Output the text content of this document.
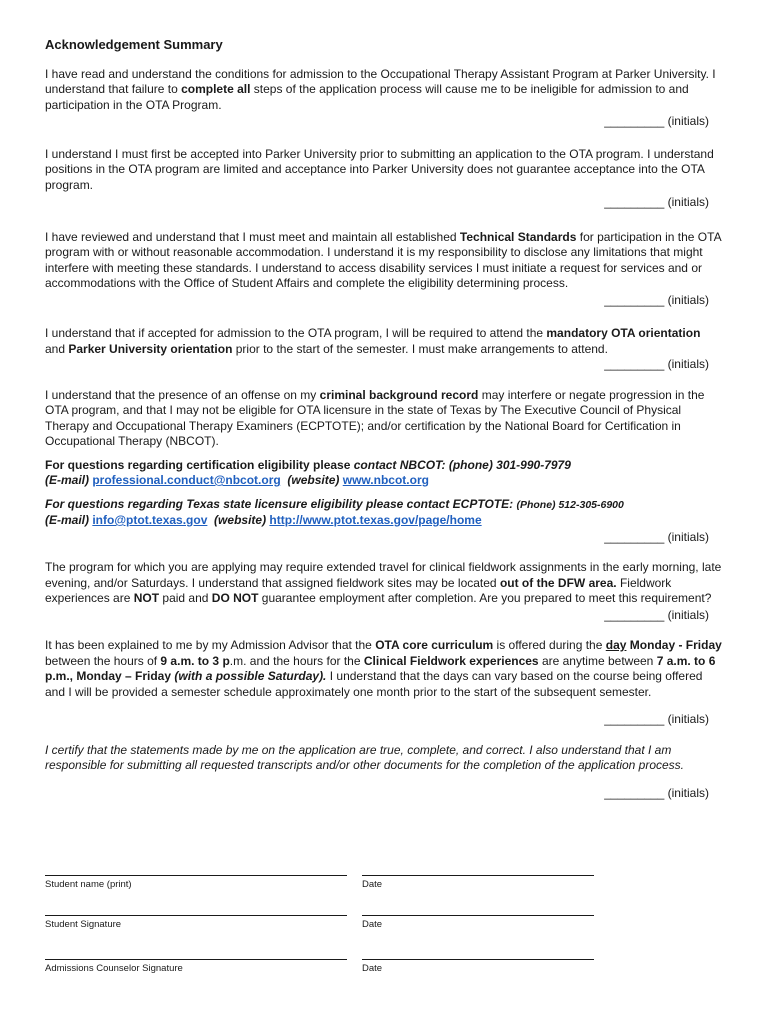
Acknowledgement Summary

I have read and understand the conditions for admission to the Occupational Therapy Assistant Program at Parker University. I understand that failure to complete all steps of the application process will cause me to be ineligible for admission to and participation in the OTA Program.

_________ (initials)

I understand I must first be accepted into Parker University prior to submitting an application to the OTA program. I understand positions in the OTA program are limited and acceptance into Parker University does not guarantee acceptance into the OTA program.

_________ (initials)

I have reviewed and understand that I must meet and maintain all established Technical Standards for participation in the OTA program with or without reasonable accommodation. I understand it is my responsibility to disclose any limitations that might interfere with meeting these standards. I understand to access disability services I must initiate a request for services and or accommodations with the Office of Student Affairs and complete the eligibility determining process.

_________ (initials)

I understand that if accepted for admission to the OTA program, I will be required to attend the mandatory OTA orientation and Parker University orientation prior to the start of the semester. I must make arrangements to attend.

_________ (initials)

I understand that the presence of an offense on my criminal background record may interfere or negate progression in the OTA program, and that I may not be eligible for OTA licensure in the state of Texas by The Executive Council of Physical Therapy and Occupational Therapy Examiners (ECPTOTE); and/or certification by the National Board for Certification in Occupational Therapy (NBCOT).

For questions regarding certification eligibility please contact NBCOT: (phone) 301-990-7979
(E-mail) professional.conduct@nbcot.org  (website) www.nbcot.org

For questions regarding Texas state licensure eligibility please contact ECPTOTE: (Phone) 512-305-6900
(E-mail) info@ptot.texas.gov  (website) http://www.ptot.texas.gov/page/home

_________ (initials)

The program for which you are applying may require extended travel for clinical fieldwork assignments in the early morning, late evening, and/or Saturdays. I understand that assigned fieldwork sites may be located out of the DFW area. Fieldwork experiences are NOT paid and DO NOT guarantee employment after completion. Are you prepared to meet this requirement?

_________ (initials)

It has been explained to me by my Admission Advisor that the OTA core curriculum is offered during the day Monday - Friday between the hours of 9 a.m. to 3 p.m. and the hours for the Clinical Fieldwork experiences are anytime between 7 a.m. to 6 p.m., Monday – Friday (with a possible Saturday). I understand that the days can vary based on the course being offered and I will be provided a semester schedule approximately one month prior to the start of the subsequent semester.

_________ (initials)

I certify that the statements made by me on the application are true, complete, and correct. I also understand that I am responsible for submitting all requested transcripts and/or other documents for the completion of the application process.

_________ (initials)

Student name (print)	Date
Student Signature	Date
Admissions Counselor Signature	Date
